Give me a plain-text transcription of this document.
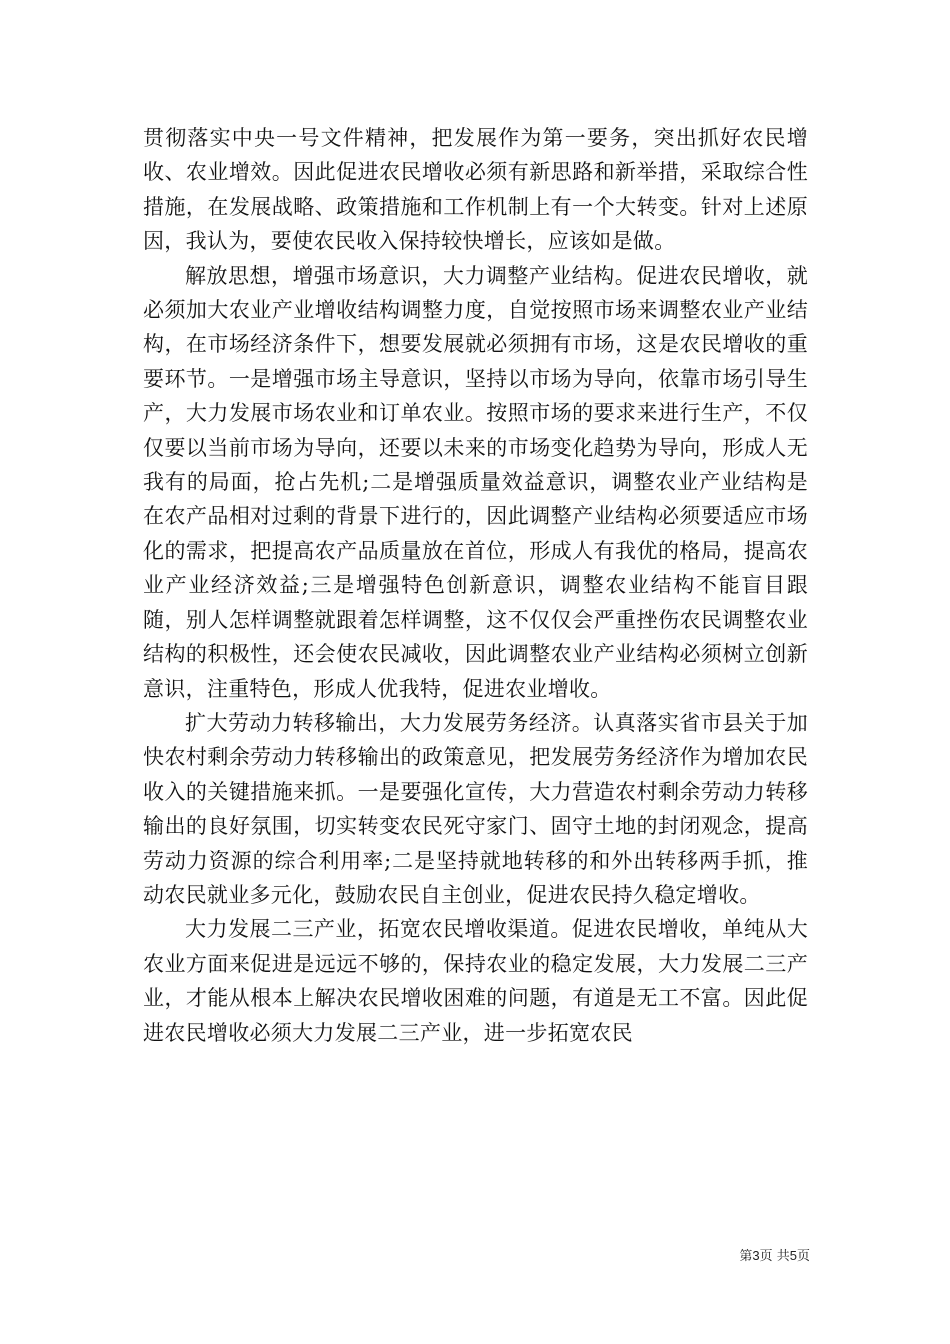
贯彻落实中央一号文件精神，把发展作为第一要务，突出抓好农民增收、农业增效。因此促进农民增收必须有新思路和新举措，采取综合性措施，在发展战略、政策措施和工作机制上有一个大转变。针对上述原因，我认为，要使农民收入保持较快增长，应该如是做。

解放思想，增强市场意识，大力调整产业结构。促进农民增收，就必须加大农业产业增收结构调整力度，自觉按照市场来调整农业产业结构，在市场经济条件下，想要发展就必须拥有市场，这是农民增收的重要环节。一是增强市场主导意识，坚持以市场为导向，依靠市场引导生产，大力发展市场农业和订单农业。按照市场的要求来进行生产，不仅仅要以当前市场为导向，还要以未来的市场变化趋势为导向，形成人无我有的局面，抢占先机;二是增强质量效益意识，调整农业产业结构是在农产品相对过剩的背景下进行的，因此调整产业结构必须要适应市场化的需求，把提高农产品质量放在首位，形成人有我优的格局，提高农业产业经济效益;三是增强特色创新意识，调整农业结构不能盲目跟随，别人怎样调整就跟着怎样调整，这不仅仅会严重挫伤农民调整农业结构的积极性，还会使农民减收，因此调整农业产业结构必须树立创新意识，注重特色，形成人优我特，促进农业增收。

扩大劳动力转移输出，大力发展劳务经济。认真落实省市县关于加快农村剩余劳动力转移输出的政策意见，把发展劳务经济作为增加农民收入的关键措施来抓。一是要强化宣传，大力营造农村剩余劳动力转移输出的良好氛围，切实转变农民死守家门、固守土地的封闭观念，提高劳动力资源的综合利用率;二是坚持就地转移的和外出转移两手抓，推动农民就业多元化，鼓励农民自主创业，促进农民持久稳定增收。

大力发展二三产业，拓宽农民增收渠道。促进农民增收，单纯从大农业方面来促进是远远不够的，保持农业的稳定发展，大力发展二三产业，才能从根本上解决农民增收困难的问题，有道是无工不富。因此促进农民增收必须大力发展二三产业，进一步拓宽农民

第3页 共5页
